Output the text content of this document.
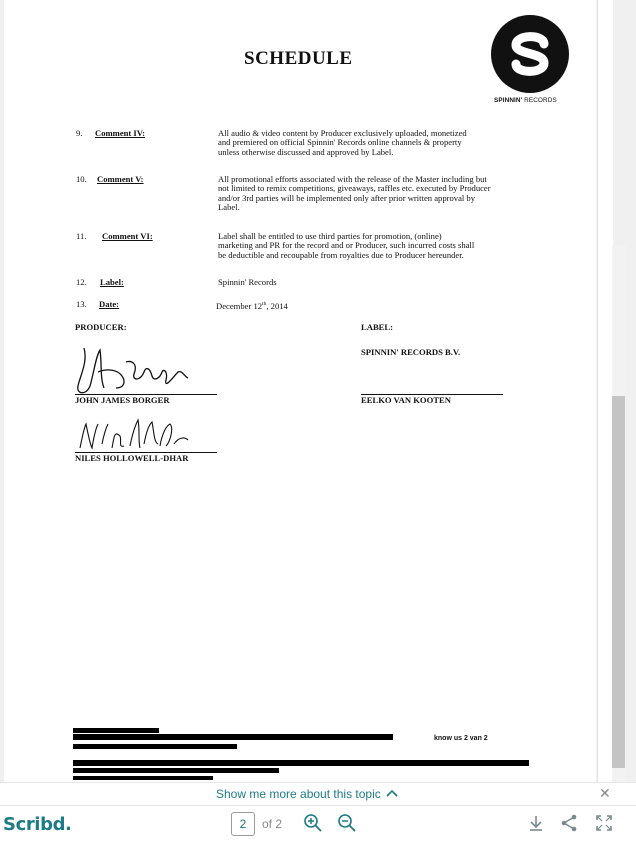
SCHEDULE
SPINNIN' RECORDS
9. Comment IV:	All audio & video content by Producer exclusively uploaded, monetized
and premiered on official Spinnin' Records online channels & property
unless otherwise discussed and approved by Label.
10. Comment V:	All promotional efforts associated with the release of the Master including but
not limited to remix competitions, giveaways, raffles etc. executed by Producer
and/or 3rd parties will be implemented only after prior written approval by
Label.
11. Comment VI:	Label shall be entitled to use third parties for promotion, (online)
marketing and PR for the record and or Producer, such incurred costs shall
be deductible and recoupable from royalties due to Producer hereunder.
12. Label:	Spinnin' Records
13. Date:	December 12th, 2014
PRODUCER:	LABEL:
SPINNIN' RECORDS B.V.
JOHN JAMES BORGER	EELKO VAN KOOTEN
NILES HOLLOWELL-DHAR
know us 2 van 2
Show me more about this topic	✕
Scribd.	2	of 2
